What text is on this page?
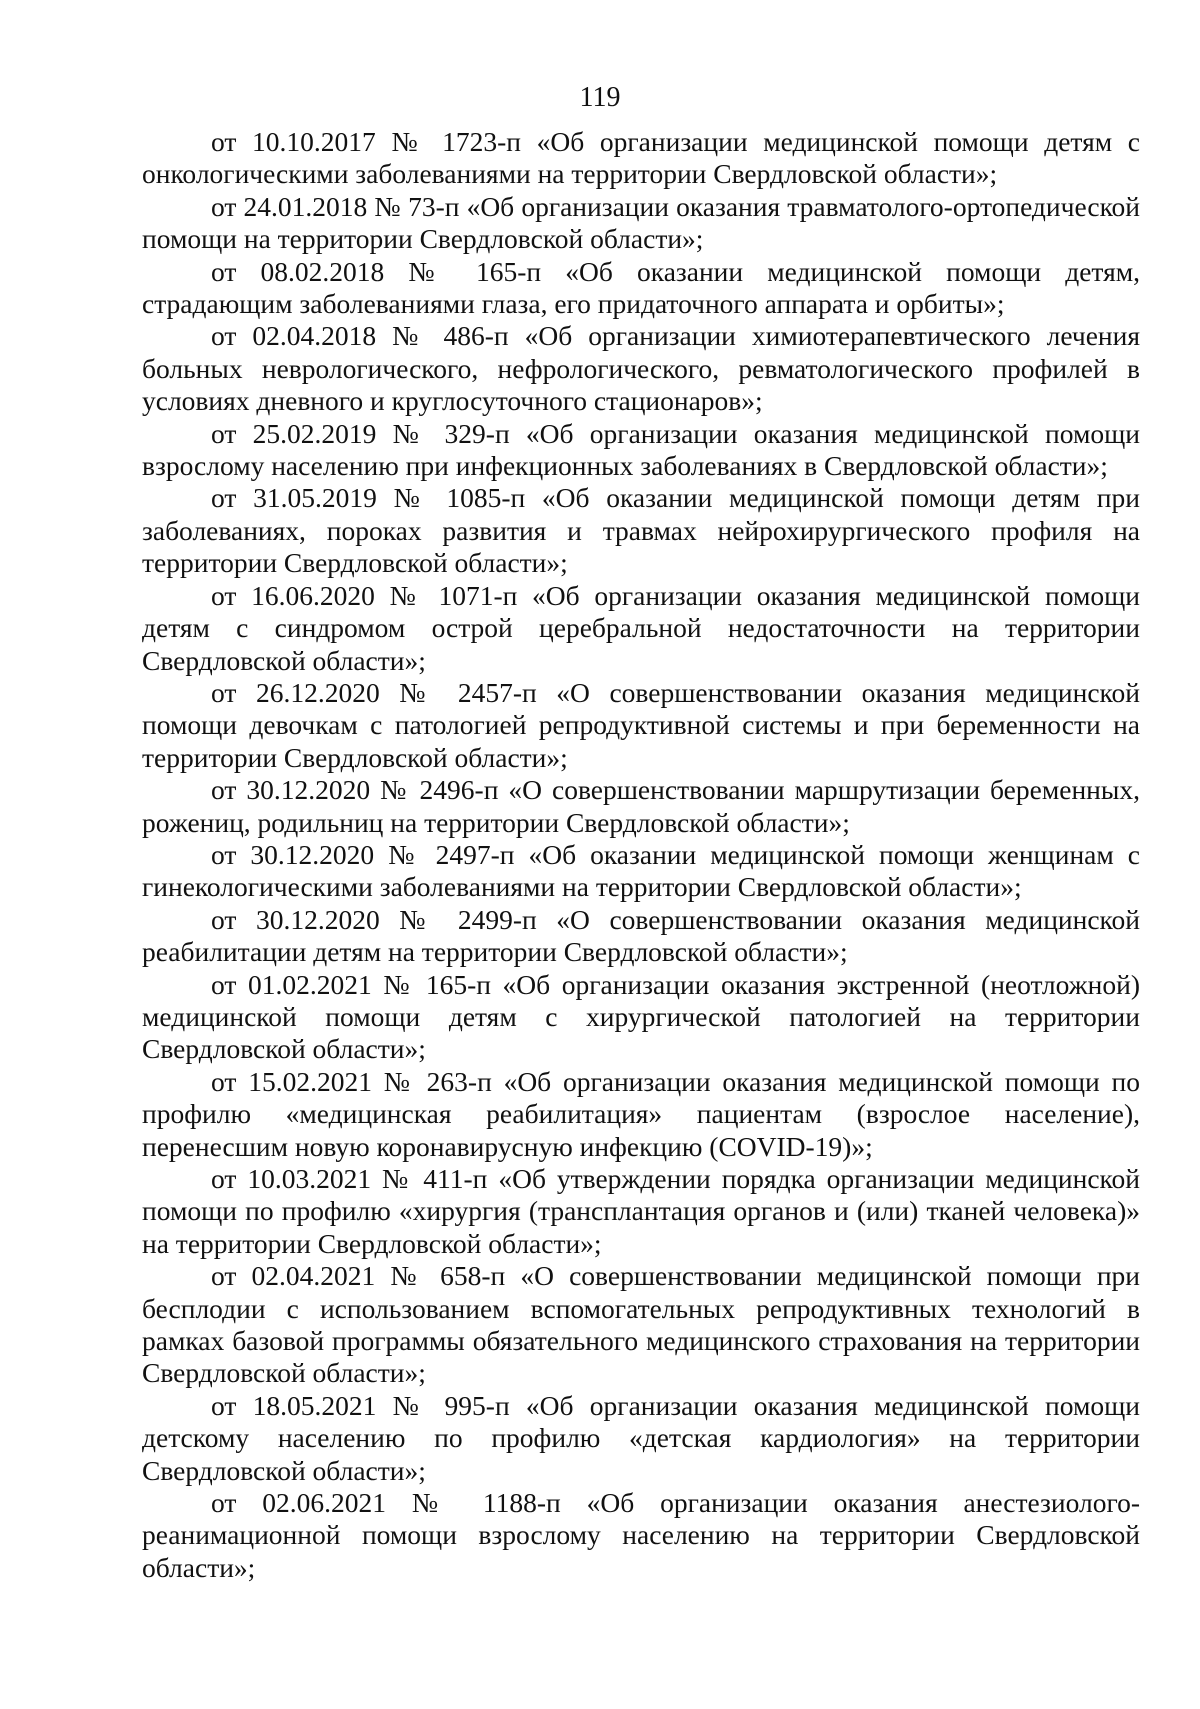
119

от 10.10.2017 № 1723-п «Об организации медицинской помощи детям с онкологическими заболеваниями на территории Свердловской области»;

от 24.01.2018 № 73-п «Об организации оказания травматолого-ортопедической помощи на территории Свердловской области»;

от 08.02.2018 № 165-п «Об оказании медицинской помощи детям, страдающим заболеваниями глаза, его придаточного аппарата и орбиты»;

от 02.04.2018 № 486-п «Об организации химиотерапевтического лечения больных неврологического, нефрологического, ревматологического профилей в условиях дневного и круглосуточного стационаров»;

от 25.02.2019 № 329-п «Об организации оказания медицинской помощи взрослому населению при инфекционных заболеваниях в Свердловской области»;

от 31.05.2019 № 1085-п «Об оказании медицинской помощи детям при заболеваниях, пороках развития и травмах нейрохирургического профиля на территории Свердловской области»;

от 16.06.2020 № 1071-п «Об организации оказания медицинской помощи детям с синдромом острой церебральной недостаточности на территории Свердловской области»;

от 26.12.2020 № 2457-п «О совершенствовании оказания медицинской помощи девочкам с патологией репродуктивной системы и при беременности на территории Свердловской области»;

от 30.12.2020 № 2496-п «О совершенствовании маршрутизации беременных, рожениц, родильниц на территории Свердловской области»;

от 30.12.2020 № 2497-п «Об оказании медицинской помощи женщинам с гинекологическими заболеваниями на территории Свердловской области»;

от 30.12.2020 № 2499-п «О совершенствовании оказания медицинской реабилитации детям на территории Свердловской области»;

от 01.02.2021 № 165-п «Об организации оказания экстренной (неотложной) медицинской помощи детям с хирургической патологией на территории Свердловской области»;

от 15.02.2021 № 263-п «Об организации оказания медицинской помощи по профилю «медицинская реабилитация» пациентам (взрослое население), перенесшим новую коронавирусную инфекцию (COVID-19)»;

от 10.03.2021 № 411-п «Об утверждении порядка организации медицинской помощи по профилю «хирургия (трансплантация органов и (или) тканей человека)» на территории Свердловской области»;

от 02.04.2021 № 658-п «О совершенствовании медицинской помощи при бесплодии с использованием вспомогательных репродуктивных технологий в рамках базовой программы обязательного медицинского страхования на территории Свердловской области»;

от 18.05.2021 № 995-п «Об организации оказания медицинской помощи детскому населению по профилю «детская кардиология» на территории Свердловской области»;

от 02.06.2021 № 1188-п «Об организации оказания анестезиолого-реанимационной помощи взрослому населению на территории Свердловской области»;
